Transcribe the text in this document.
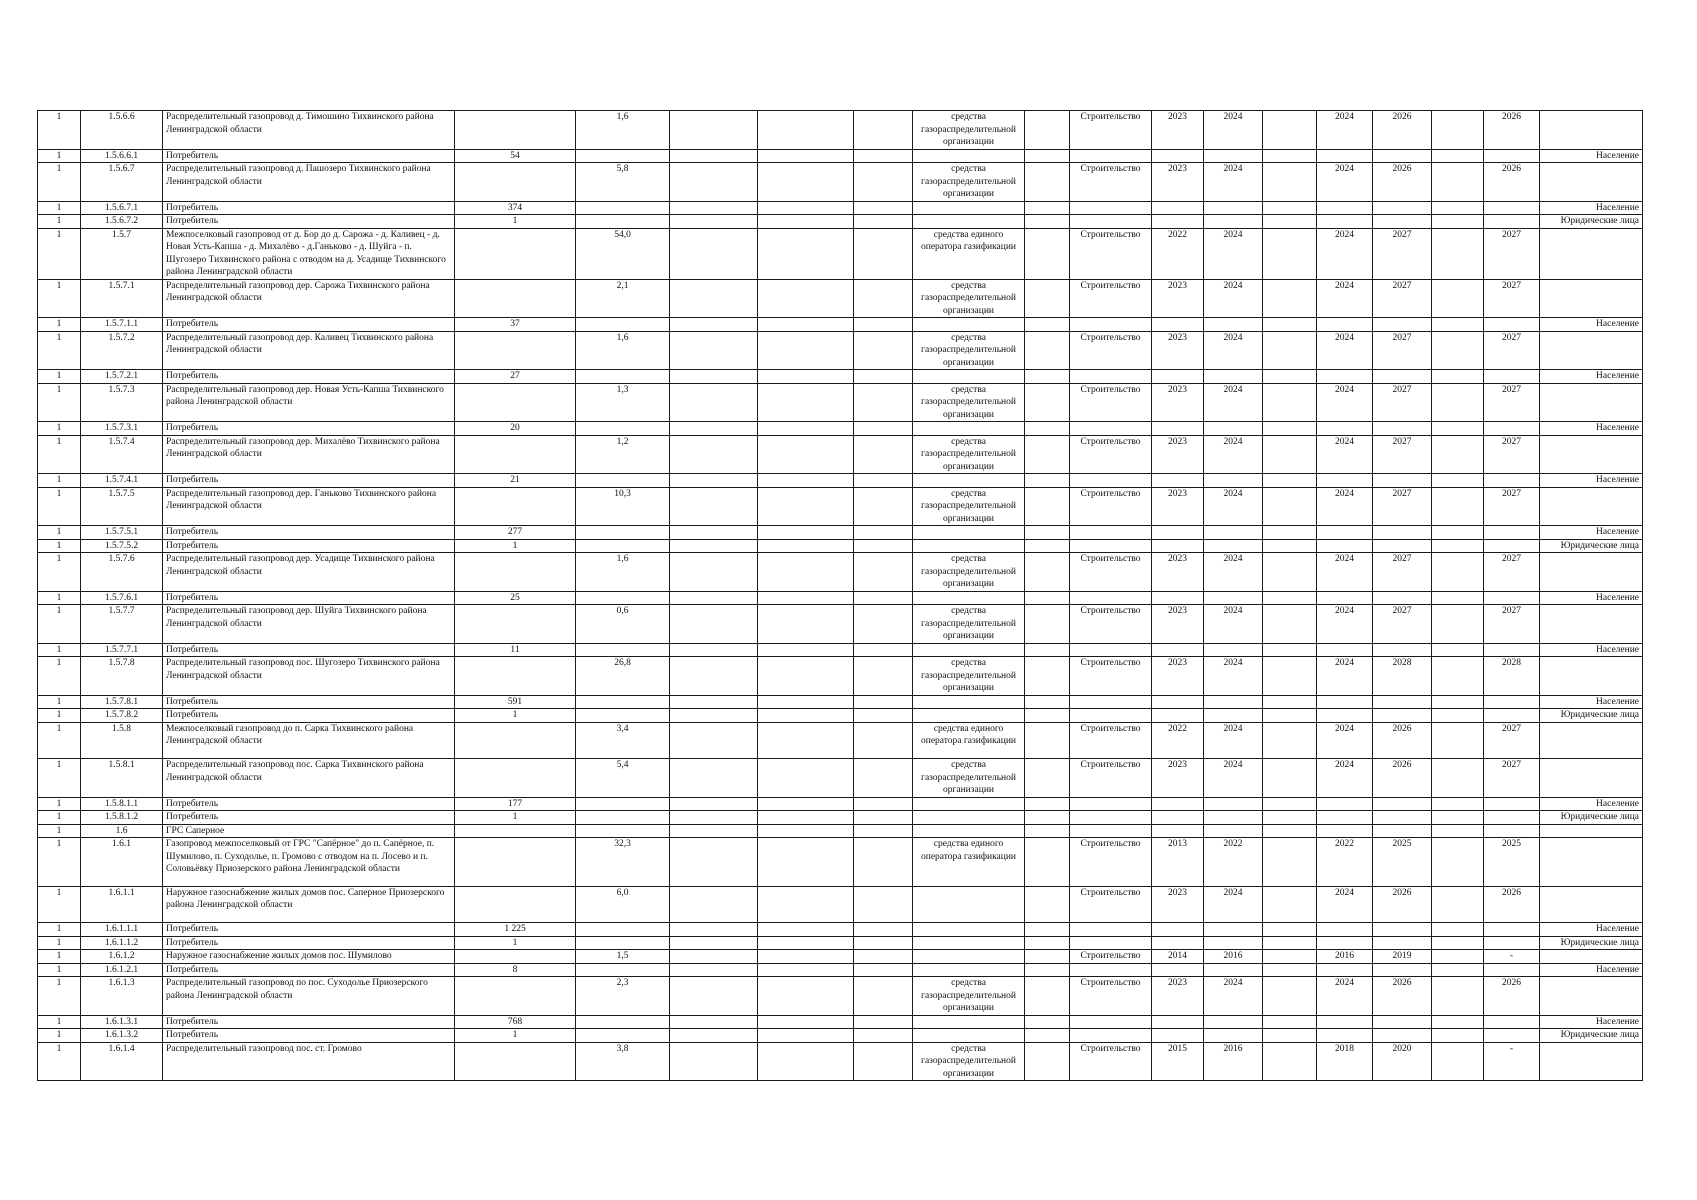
1	1.5.6.6	Распределительный газопровод д. Тимошино Тихвинского района Ленинградской области		1,6				средства газораспределительной организации		Строительство	2023	2024		2024	2026		2026	
1	1.5.6.6.1	Потребитель	54															Население
1	1.5.6.7	Распределительный газопровод д. Пашозеро Тихвинского района Ленинградской области		5,8				средства газораспределительной организации		Строительство	2023	2024		2024	2026		2026	
1	1.5.6.7.1	Потребитель	374															Население
1	1.5.6.7.2	Потребитель	1															Юридические лица
1	1.5.7	Межпоселковый газопровод от д. Бор до д. Сарожа - д. Каливец - д. Новая Усть-Капша - д. Михалёво - д.Ганьково - д. Шуйга - п. Шугозеро Тихвинского района с отводом на д. Усадище Тихвинского района Ленинградской области		54,0				средства единого оператора газификации		Строительство	2022	2024		2024	2027		2027	
1	1.5.7.1	Распределительный газопровод дер. Сарожа Тихвинского района Ленинградской области		2,1				средства газораспределительной организации		Строительство	2023	2024		2024	2027		2027	
1	1.5.7.1.1	Потребитель	37															Население
1	1.5.7.2	Распределительный газопровод дер. Каливец Тихвинского района Ленинградской области		1,6				средства газораспределительной организации		Строительство	2023	2024		2024	2027		2027	
1	1.5.7.2.1	Потребитель	27															Население
1	1.5.7.3	Распределительный газопровод дер. Новая Усть-Капша Тихвинского района Ленинградской области		1,3				средства газораспределительной организации		Строительство	2023	2024		2024	2027		2027	
1	1.5.7.3.1	Потребитель	20															Население
1	1.5.7.4	Распределительный газопровод дер. Михалёво Тихвинского района Ленинградской области		1,2				средства газораспределительной организации		Строительство	2023	2024		2024	2027		2027	
1	1.5.7.4.1	Потребитель	21															Население
1	1.5.7.5	Распределительный газопровод дер. Ганьково Тихвинского района Ленинградской области		10,3				средства газораспределительной организации		Строительство	2023	2024		2024	2027		2027	
1	1.5.7.5.1	Потребитель	277															Население
1	1.5.7.5.2	Потребитель	1															Юридические лица
1	1.5.7.6	Распределительный газопровод дер. Усадище Тихвинского района Ленинградской области		1,6				средства газораспределительной организации		Строительство	2023	2024		2024	2027		2027	
1	1.5.7.6.1	Потребитель	25															Население
1	1.5.7.7	Распределительный газопровод дер. Шуйга Тихвинского района Ленинградской области		0,6				средства газораспределительной организации		Строительство	2023	2024		2024	2027		2027	
1	1.5.7.7.1	Потребитель	11															Население
1	1.5.7.8	Распределительный газопровод пос. Шугозеро Тихвинского района Ленинградской области		26,8				средства газораспределительной организации		Строительство	2023	2024		2024	2028		2028	
1	1.5.7.8.1	Потребитель	591															Население
1	1.5.7.8.2	Потребитель	1															Юридические лица
1	1.5.8	Межпоселковый газопровод до п. Сарка Тихвинского района Ленинградской области		3,4				средства единого оператора газификации		Строительство	2022	2024		2024	2026		2027	
1	1.5.8.1	Распределительный газопровод пос. Сарка Тихвинского района Ленинградской области		5,4				средства газораспределительной организации		Строительство	2023	2024		2024	2026		2027	
1	1.5.8.1.1	Потребитель	177															Население
1	1.5.8.1.2	Потребитель	1															Юридические лица
1	1.6	ГРС Саперное																
1	1.6.1	Газопровод межпоселковый от ГРС "Сапёрное" до п. Сапёрное, п. Шумилово, п. Суходолье, п. Громово с отводом на п. Лосево и п. Соловьёвку Приозерского района Ленинградской области		32,3				средства единого оператора газификации		Строительство	2013	2022		2022	2025		2025	
1	1.6.1.1	Наружное газоснабжение жилых домов пос. Саперное Приозерского района Ленинградской области		6,0						Строительство	2023	2024		2024	2026		2026	
1	1.6.1.1.1	Потребитель	1 225															Население
1	1.6.1.1.2	Потребитель	1															Юридические лица
1	1.6.1.2	Наружное газоснабжение жилых домов пос. Шумилово		1,5						Строительство	2014	2016		2016	2019		-	
1	1.6.1.2.1	Потребитель	8															Население
1	1.6.1.3	Распределительный газопровод по пос. Суходолье Приозерского района Ленинградской области		2,3				средства газораспределительной организации		Строительство	2023	2024		2024	2026		2026	
1	1.6.1.3.1	Потребитель	768															Население
1	1.6.1.3.2	Потребитель	1															Юридические лица
1	1.6.1.4	Распределительный газопровод пос. ст. Громово		3,8				средства газораспределительной организации		Строительство	2015	2016		2018	2020		-	
